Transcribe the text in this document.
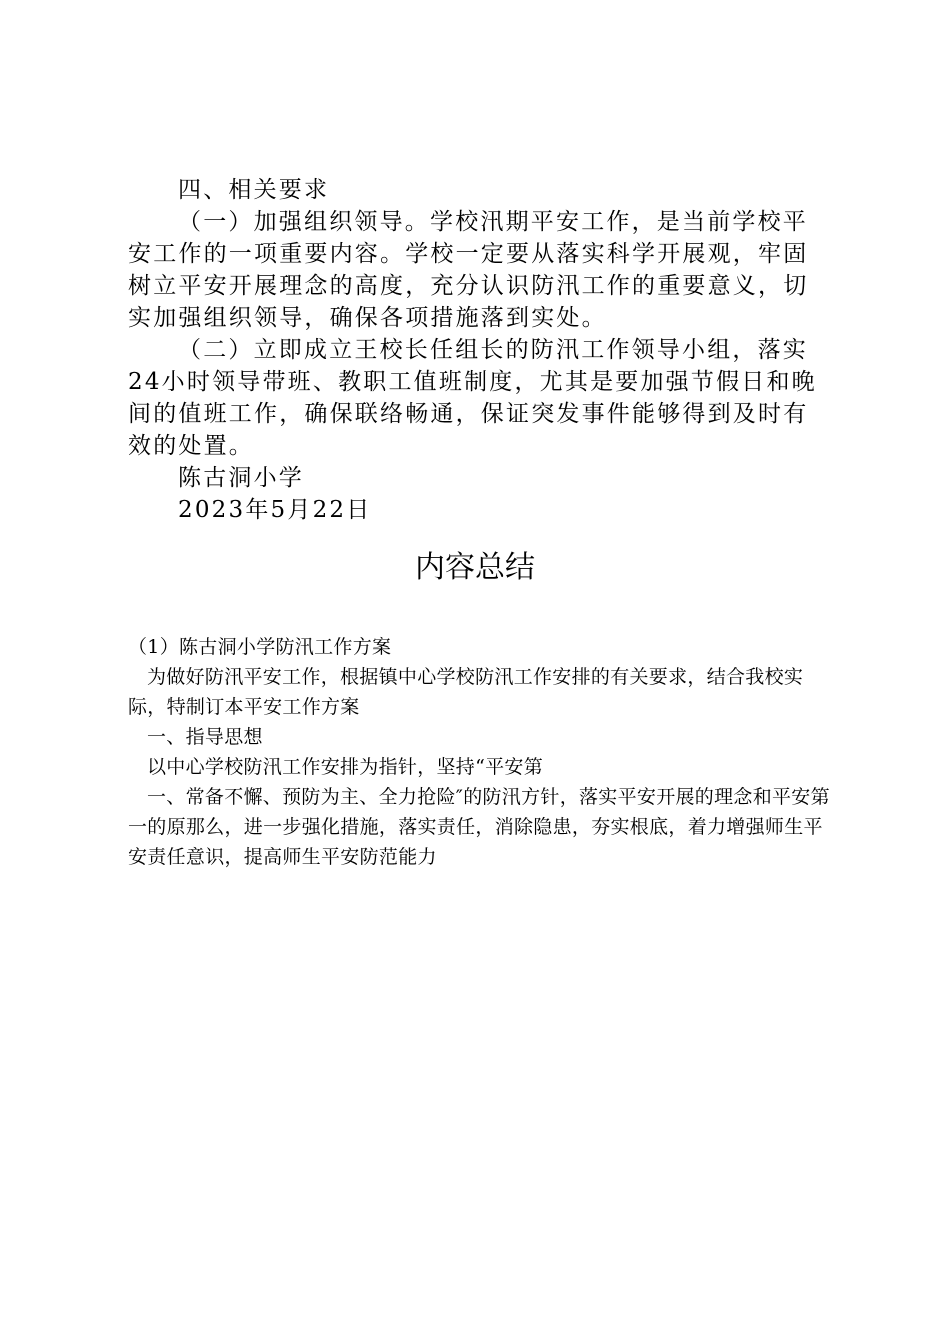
四、相关要求

（一）加强组织领导。学校汛期平安工作，是当前学校平安工作的一项重要内容。学校一定要从落实科学开展观，牢固树立平安开展理念的高度，充分认识防汛工作的重要意义，切实加强组织领导，确保各项措施落到实处。

（二）立即成立王校长任组长的防汛工作领导小组，落实24小时领导带班、教职工值班制度，尤其是要加强节假日和晚间的值班工作，确保联络畅通，保证突发事件能够得到及时有效的处置。

陈古洞小学

2023年5月22日

内容总结

（1）陈古洞小学防汛工作方案

为做好防汛平安工作，根据镇中心学校防汛工作安排的有关要求，结合我校实际，特制订本平安工作方案

一、指导思想

以中心学校防汛工作安排为指针，坚持“平安第

一、常备不懈、预防为主、全力抢险″的防汛方针，落实平安开展的理念和平安第一的原那么，进一步强化措施，落实责任，消除隐患，夯实根底，着力增强师生平安责任意识，提高师生平安防范能力
